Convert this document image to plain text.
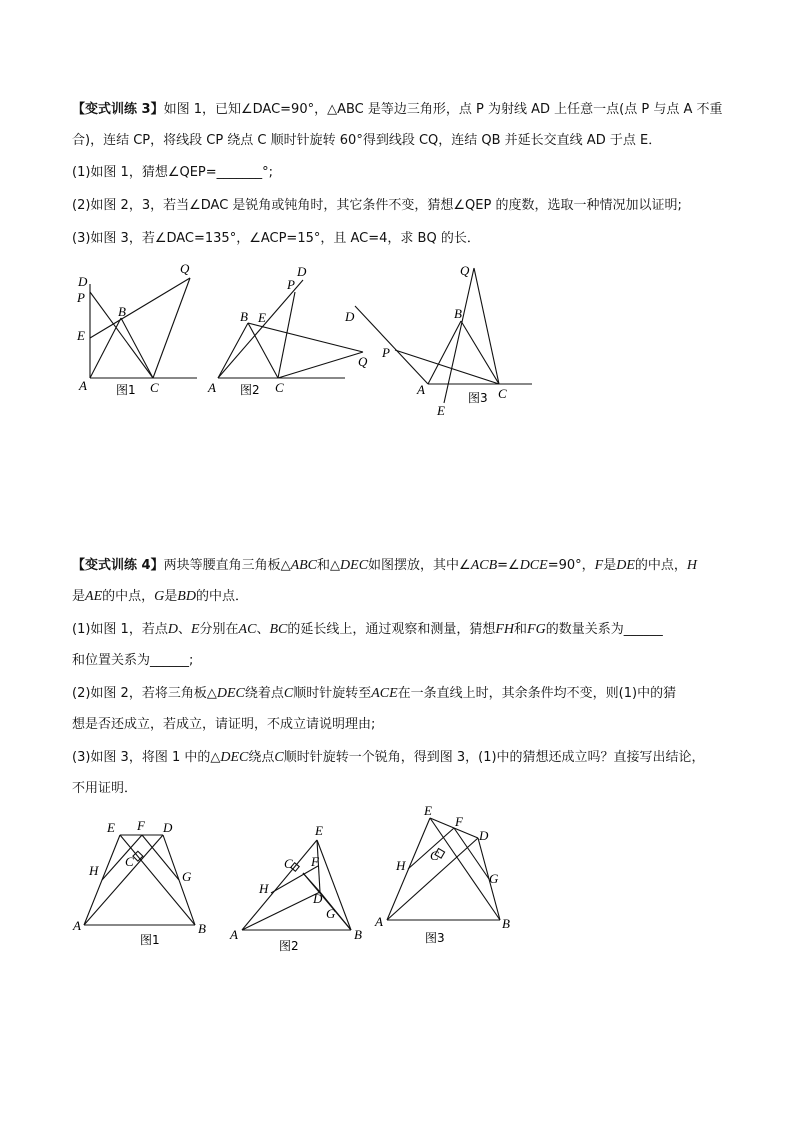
【变式训练 3】如图 1，已知∠DAC=90°，△ABC 是等边三角形，点 P 为射线 AD 上任意一点(点 P 与点 A 不重

合)，连结 CP，将线段 CP 绕点 C 顺时针旋转 60°得到线段 CQ，连结 QB 并延长交直线 AD 于点 E．

(1)如图 1，猜想∠QEP=_______°;

(2)如图 2，3，若当∠DAC 是锐角或钝角时，其它条件不变，猜想∠QEP 的度数，选取一种情况加以证明;

(3)如图 3，若∠DAC=135°，∠ACP=15°，且 AC=4，求 BQ 的长．

D
P
E
A
B
C
Q
图1
D
P
B E
A	C
Q
图2
Q
D	B
P
A	C
E
图3

【变式训练 4】两块等腰直角三角板△ABC和△DEC如图摆放，其中∠ACB=∠DCE=90°，F是DE的中点，H

是AE的中点，G是BD的中点．

(1)如图 1，若点D、E分别在AC、BC的延长线上，通过观察和测量，猜想FH和FG的数量关系为______

和位置关系为______;

(2)如图 2，若将三角板△DEC绕着点C顺时针旋转至ACE在一条直线上时，其余条件均不变，则(1)中的猜

想是否还成立，若成立，请证明，不成立请说明理由;

(3)如图 3，将图 1 中的△DEC绕点C顺时针旋转一个锐角，得到图 3，(1)中的猜想还成立吗？直接写出结论，

不用证明．

E F D
C
H	G
A	B
图1
E
C F
H
D
G
A	B
图2
E
F
D
C
H
G
A	B
图3
